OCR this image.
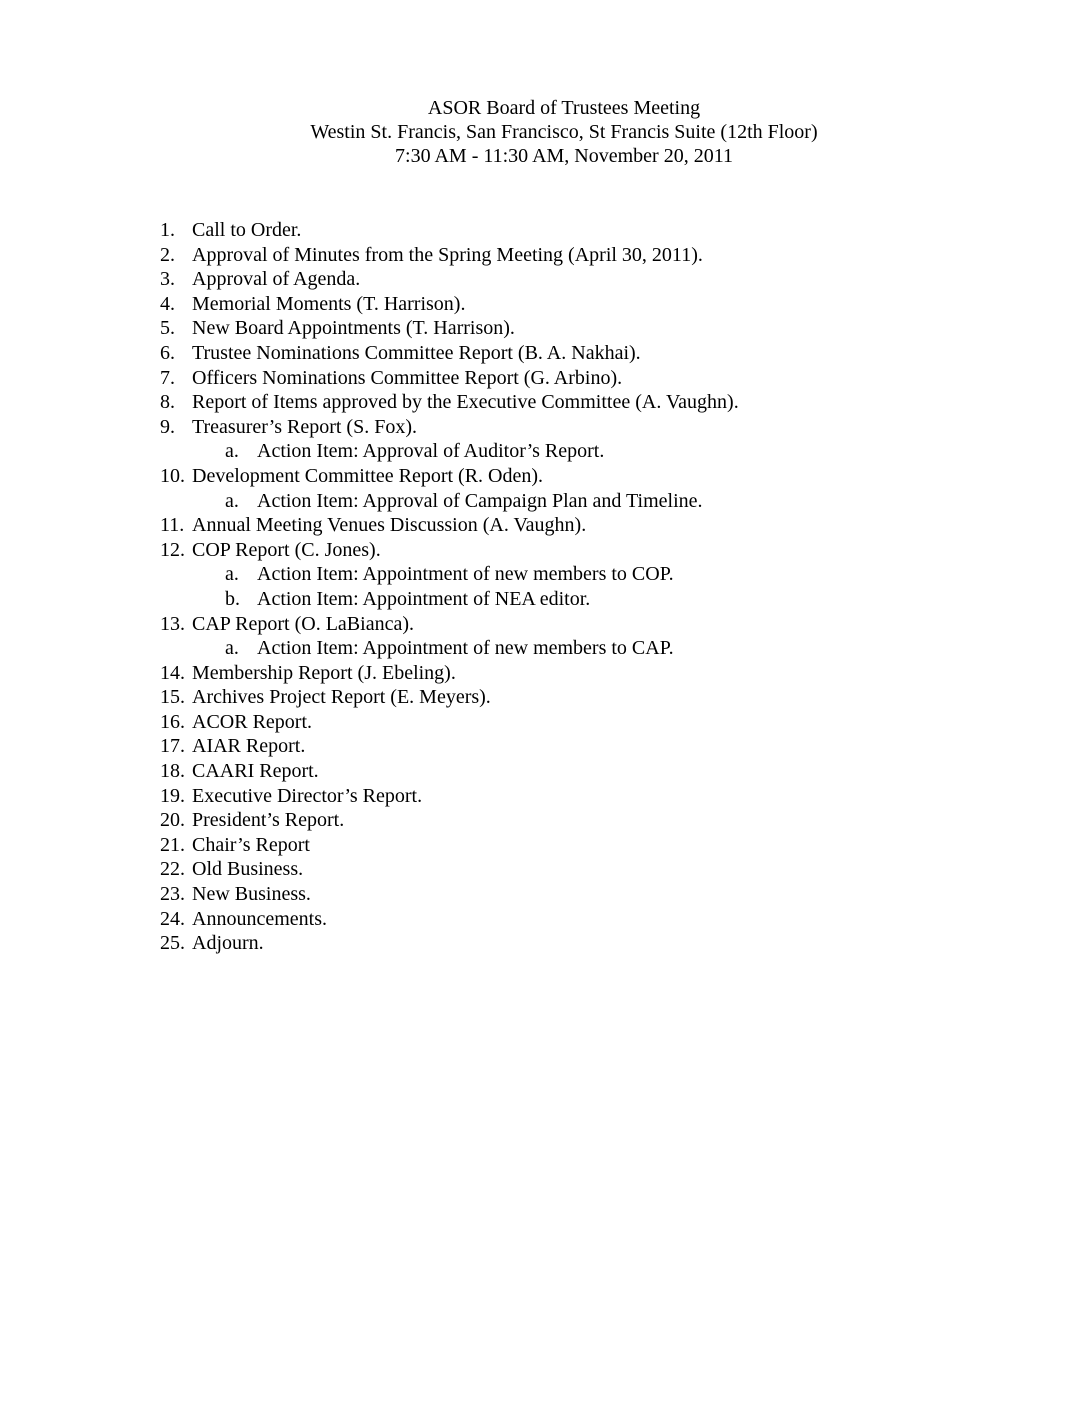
ASOR Board of Trustees Meeting
Westin St. Francis, San Francisco, St Francis Suite (12th Floor)
7:30 AM - 11:30 AM, November 20, 2011
1. Call to Order.
2. Approval of Minutes from the Spring Meeting (April 30, 2011).
3. Approval of Agenda.
4. Memorial Moments (T. Harrison).
5. New Board Appointments (T. Harrison).
6. Trustee Nominations Committee Report (B. A. Nakhai).
7. Officers Nominations Committee Report (G. Arbino).
8. Report of Items approved by the Executive Committee (A. Vaughn).
9. Treasurer’s Report (S. Fox).
a. Action Item: Approval of Auditor’s Report.
10. Development Committee Report (R. Oden).
a. Action Item: Approval of Campaign Plan and Timeline.
11. Annual Meeting Venues Discussion (A. Vaughn).
12. COP Report (C. Jones).
a. Action Item: Appointment of new members to COP.
b. Action Item: Appointment of NEA editor.
13. CAP Report (O. LaBianca).
a. Action Item: Appointment of new members to CAP.
14. Membership Report (J. Ebeling).
15. Archives Project Report (E. Meyers).
16. ACOR Report.
17. AIAR Report.
18. CAARI Report.
19. Executive Director’s Report.
20. President’s Report.
21. Chair’s Report
22. Old Business.
23. New Business.
24. Announcements.
25. Adjourn.
